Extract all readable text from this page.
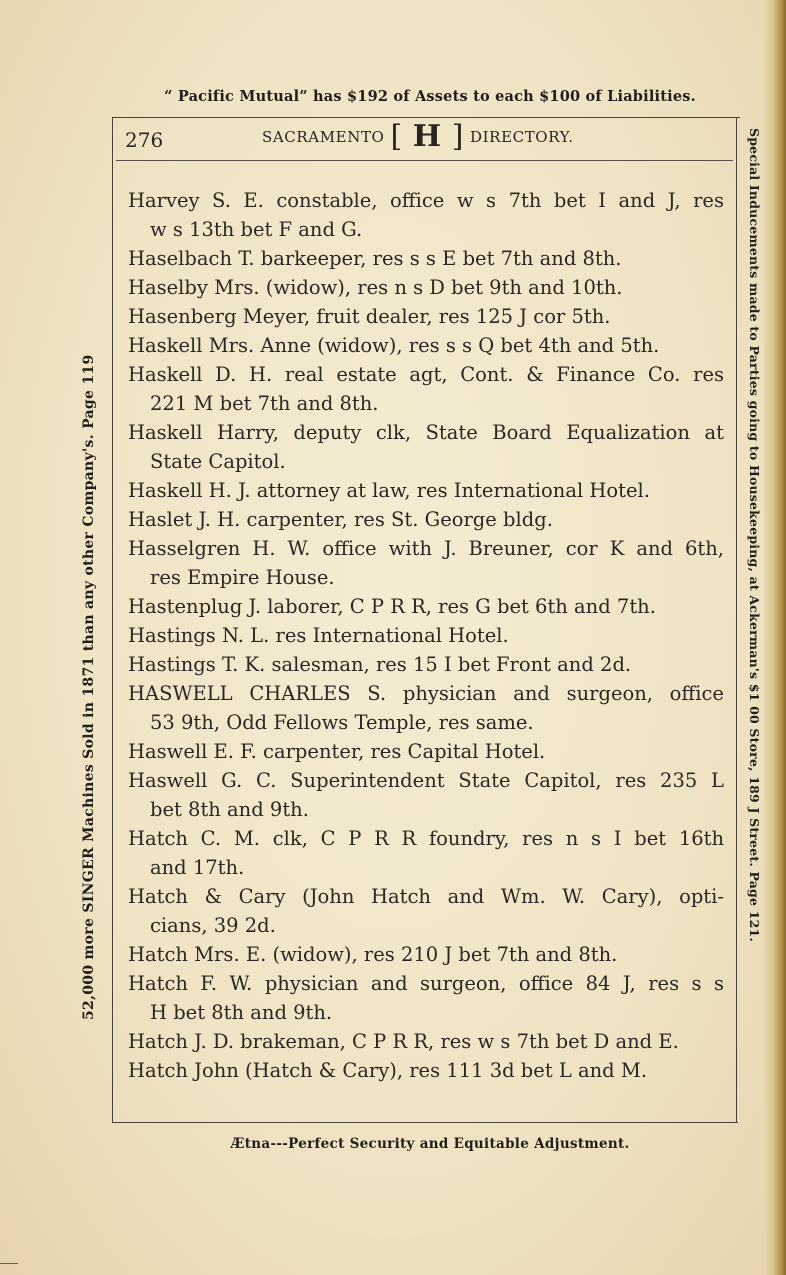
“ Pacific Mutual” has $192 of Assets to each $100 of Liabilities.
276	SACRAMENTO [ H ] DIRECTORY.
52,000 more SINGER Machines Sold in 1871 than any other Company's. Page 119	Special Inducements made to Parties going to Housekeeping, at Ackerman's $1 00 Store, 189 J Street. Page 121.
Harvey S. E. constable, office w s 7th bet I and J, res
w s 13th bet F and G.
Haselbach T. barkeeper, res s s E bet 7th and 8th.
Haselby Mrs. (widow), res n s D bet 9th and 10th.
Hasenberg Meyer, fruit dealer, res 125 J cor 5th.
Haskell Mrs. Anne (widow), res s s Q bet 4th and 5th.
Haskell D. H. real estate agt, Cont. & Finance Co. res
221 M bet 7th and 8th.
Haskell Harry, deputy clk, State Board Equalization at
State Capitol.
Haskell H. J. attorney at law, res International Hotel.
Haslet J. H. carpenter, res St. George bldg.
Hasselgren H. W. office with J. Breuner, cor K and 6th,
res Empire House.
Hastenplug J. laborer, C P R R, res G bet 6th and 7th.
Hastings N. L. res International Hotel.
Hastings T. K. salesman, res 15 I bet Front and 2d.
HASWELL CHARLES S. physician and surgeon, office
53 9th, Odd Fellows Temple, res same.
Haswell E. F. carpenter, res Capital Hotel.
Haswell G. C. Superintendent State Capitol, res 235 L
bet 8th and 9th.
Hatch C. M. clk, C P R R foundry, res n s I bet 16th
and 17th.
Hatch & Cary (John Hatch and Wm. W. Cary), opti-
cians, 39 2d.
Hatch Mrs. E. (widow), res 210 J bet 7th and 8th.
Hatch F. W. physician and surgeon, office 84 J, res s s
H bet 8th and 9th.
Hatch J. D. brakeman, C P R R, res w s 7th bet D and E.
Hatch John (Hatch & Cary), res 111 3d bet L and M.
Ætna---Perfect Security and Equitable Adjustment.
